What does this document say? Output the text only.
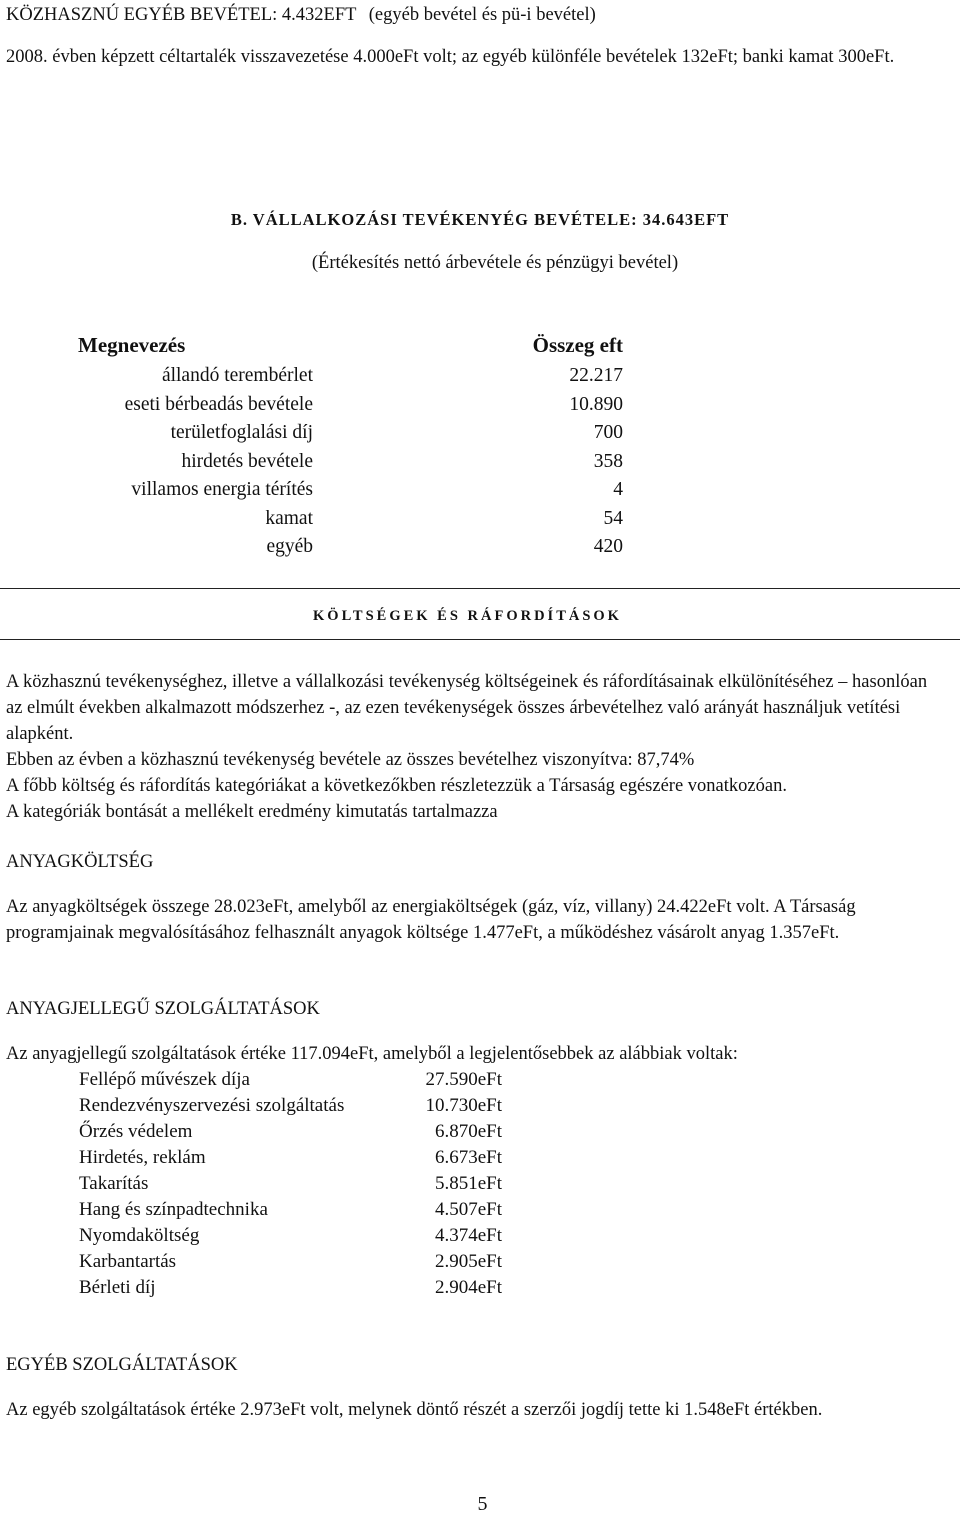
KÖZHASZNÚ EGYÉB BEVÉTEL: 4.432EFT (egyéb bevétel és pü-i bevétel)
2008. évben képzett céltartalék visszavezetése 4.000eFt volt; az egyéb különféle bevételek 132eFt; banki kamat 300eFt.
B. VÁLLALKOZÁSI TEVÉKENYÉG BEVÉTELE: 34.643EFT
(Értékesítés nettó árbevétele és pénzügyi bevétel)
Megnevezés	Összeg eft
állandó terembérlet	22.217
eseti bérbeadás bevétele	10.890
területfoglalási díj	700
hirdetés bevétele	358
villamos energia térítés	4
kamat	54
egyéb	420
KÖLTSÉGEK ÉS RÁFORDÍTÁSOK
A közhasznú tevékenységhez, illetve a vállalkozási tevékenység költségeinek és ráfordításainak elkülönítéséhez – hasonlóan az elmúlt években alkalmazott módszerhez -, az ezen tevékenységek összes árbevételhez való arányát használjuk vetítési alapként.
Ebben az évben a közhasznú tevékenység bevétele az összes bevételhez viszonyítva: 87,74%
A főbb költség és ráfordítás kategóriákat a következőkben részletezzük a Társaság egészére vonatkozóan.
A kategóriák bontását a mellékelt eredmény kimutatás tartalmazza
ANYAGKÖLTSÉG
Az anyagköltségek összege 28.023eFt, amelyből az energiaköltségek (gáz, víz, villany) 24.422eFt volt. A Társaság programjainak megvalósításához felhasznált anyagok költsége 1.477eFt, a működéshez vásárolt anyag 1.357eFt.
ANYAGJELLEGŰ SZOLGÁLTATÁSOK
Az anyagjellegű szolgáltatások értéke 117.094eFt, amelyből a legjelentősebbek az alábbiak voltak:
Fellépő művészek díja	27.590eFt
Rendezvényszervezési szolgáltatás	10.730eFt
Őrzés védelem	6.870eFt
Hirdetés, reklám	6.673eFt
Takarítás	5.851eFt
Hang és színpadtechnika	4.507eFt
Nyomdaköltség	4.374eFt
Karbantartás	2.905eFt
Bérleti díj	2.904eFt
EGYÉB SZOLGÁLTATÁSOK
Az egyéb szolgáltatások értéke 2.973eFt volt, melynek döntő részét a szerzői jogdíj tette ki 1.548eFt értékben.
5
